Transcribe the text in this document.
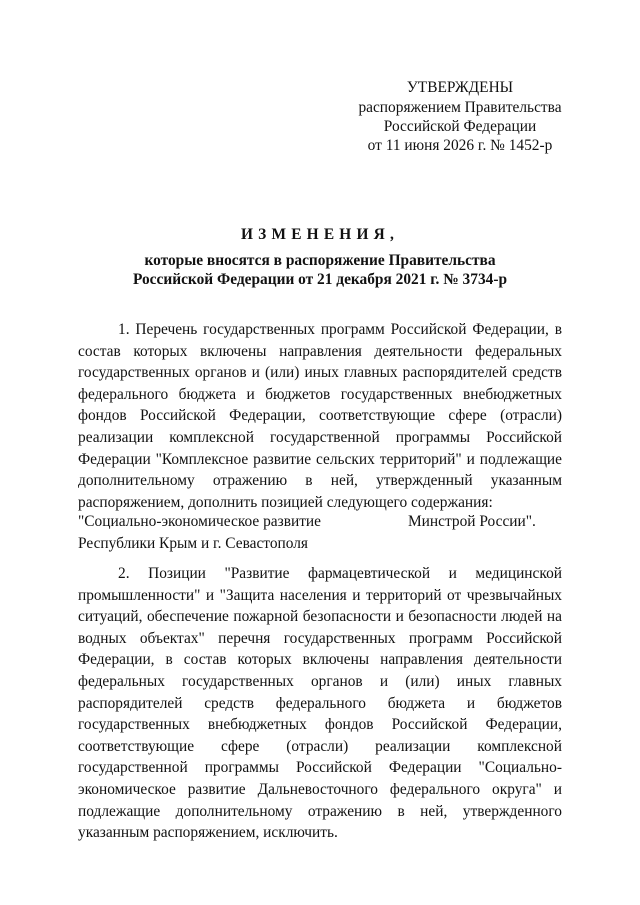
УТВЕРЖДЕНЫ
распоряжением Правительства
Российской Федерации
от 11 июня 2026 г. № 1452-р
ИЗМЕНЕНИЯ,
которые вносятся в распоряжение Правительства
Российской Федерации от 21 декабря 2021 г. № 3734-р

1. Перечень государственных программ Российской Федерации, в состав которых включены направления деятельности федеральных государственных органов и (или) иных главных распорядителей средств федерального бюджета и бюджетов государственных внебюджетных фондов Российской Федерации, соответствующие сфере (отрасли) реализации комплексной государственной программы Российской Федерации "Комплексное развитие сельских территорий" и подлежащие дополнительному отражению в ней, утвержденный указанным распоряжением, дополнить позицией следующего содержания:

"Социально-экономическое развитие
Республики Крым и г. Севастополя
Минстрой России".

2. Позиции "Развитие фармацевтической и медицинской промышленности" и "Защита населения и территорий от чрезвычайных ситуаций, обеспечение пожарной безопасности и безопасности людей на водных объектах" перечня государственных программ Российской Федерации, в состав которых включены направления деятельности федеральных государственных органов и (или) иных главных распорядителей средств федерального бюджета и бюджетов государственных внебюджетных фондов Российской Федерации, соответствующие сфере (отрасли) реализации комплексной государственной программы Российской Федерации "Социально-экономическое развитие Дальневосточного федерального округа" и подлежащие дополнительному отражению в ней, утвержденного указанным распоряжением, исключить.
